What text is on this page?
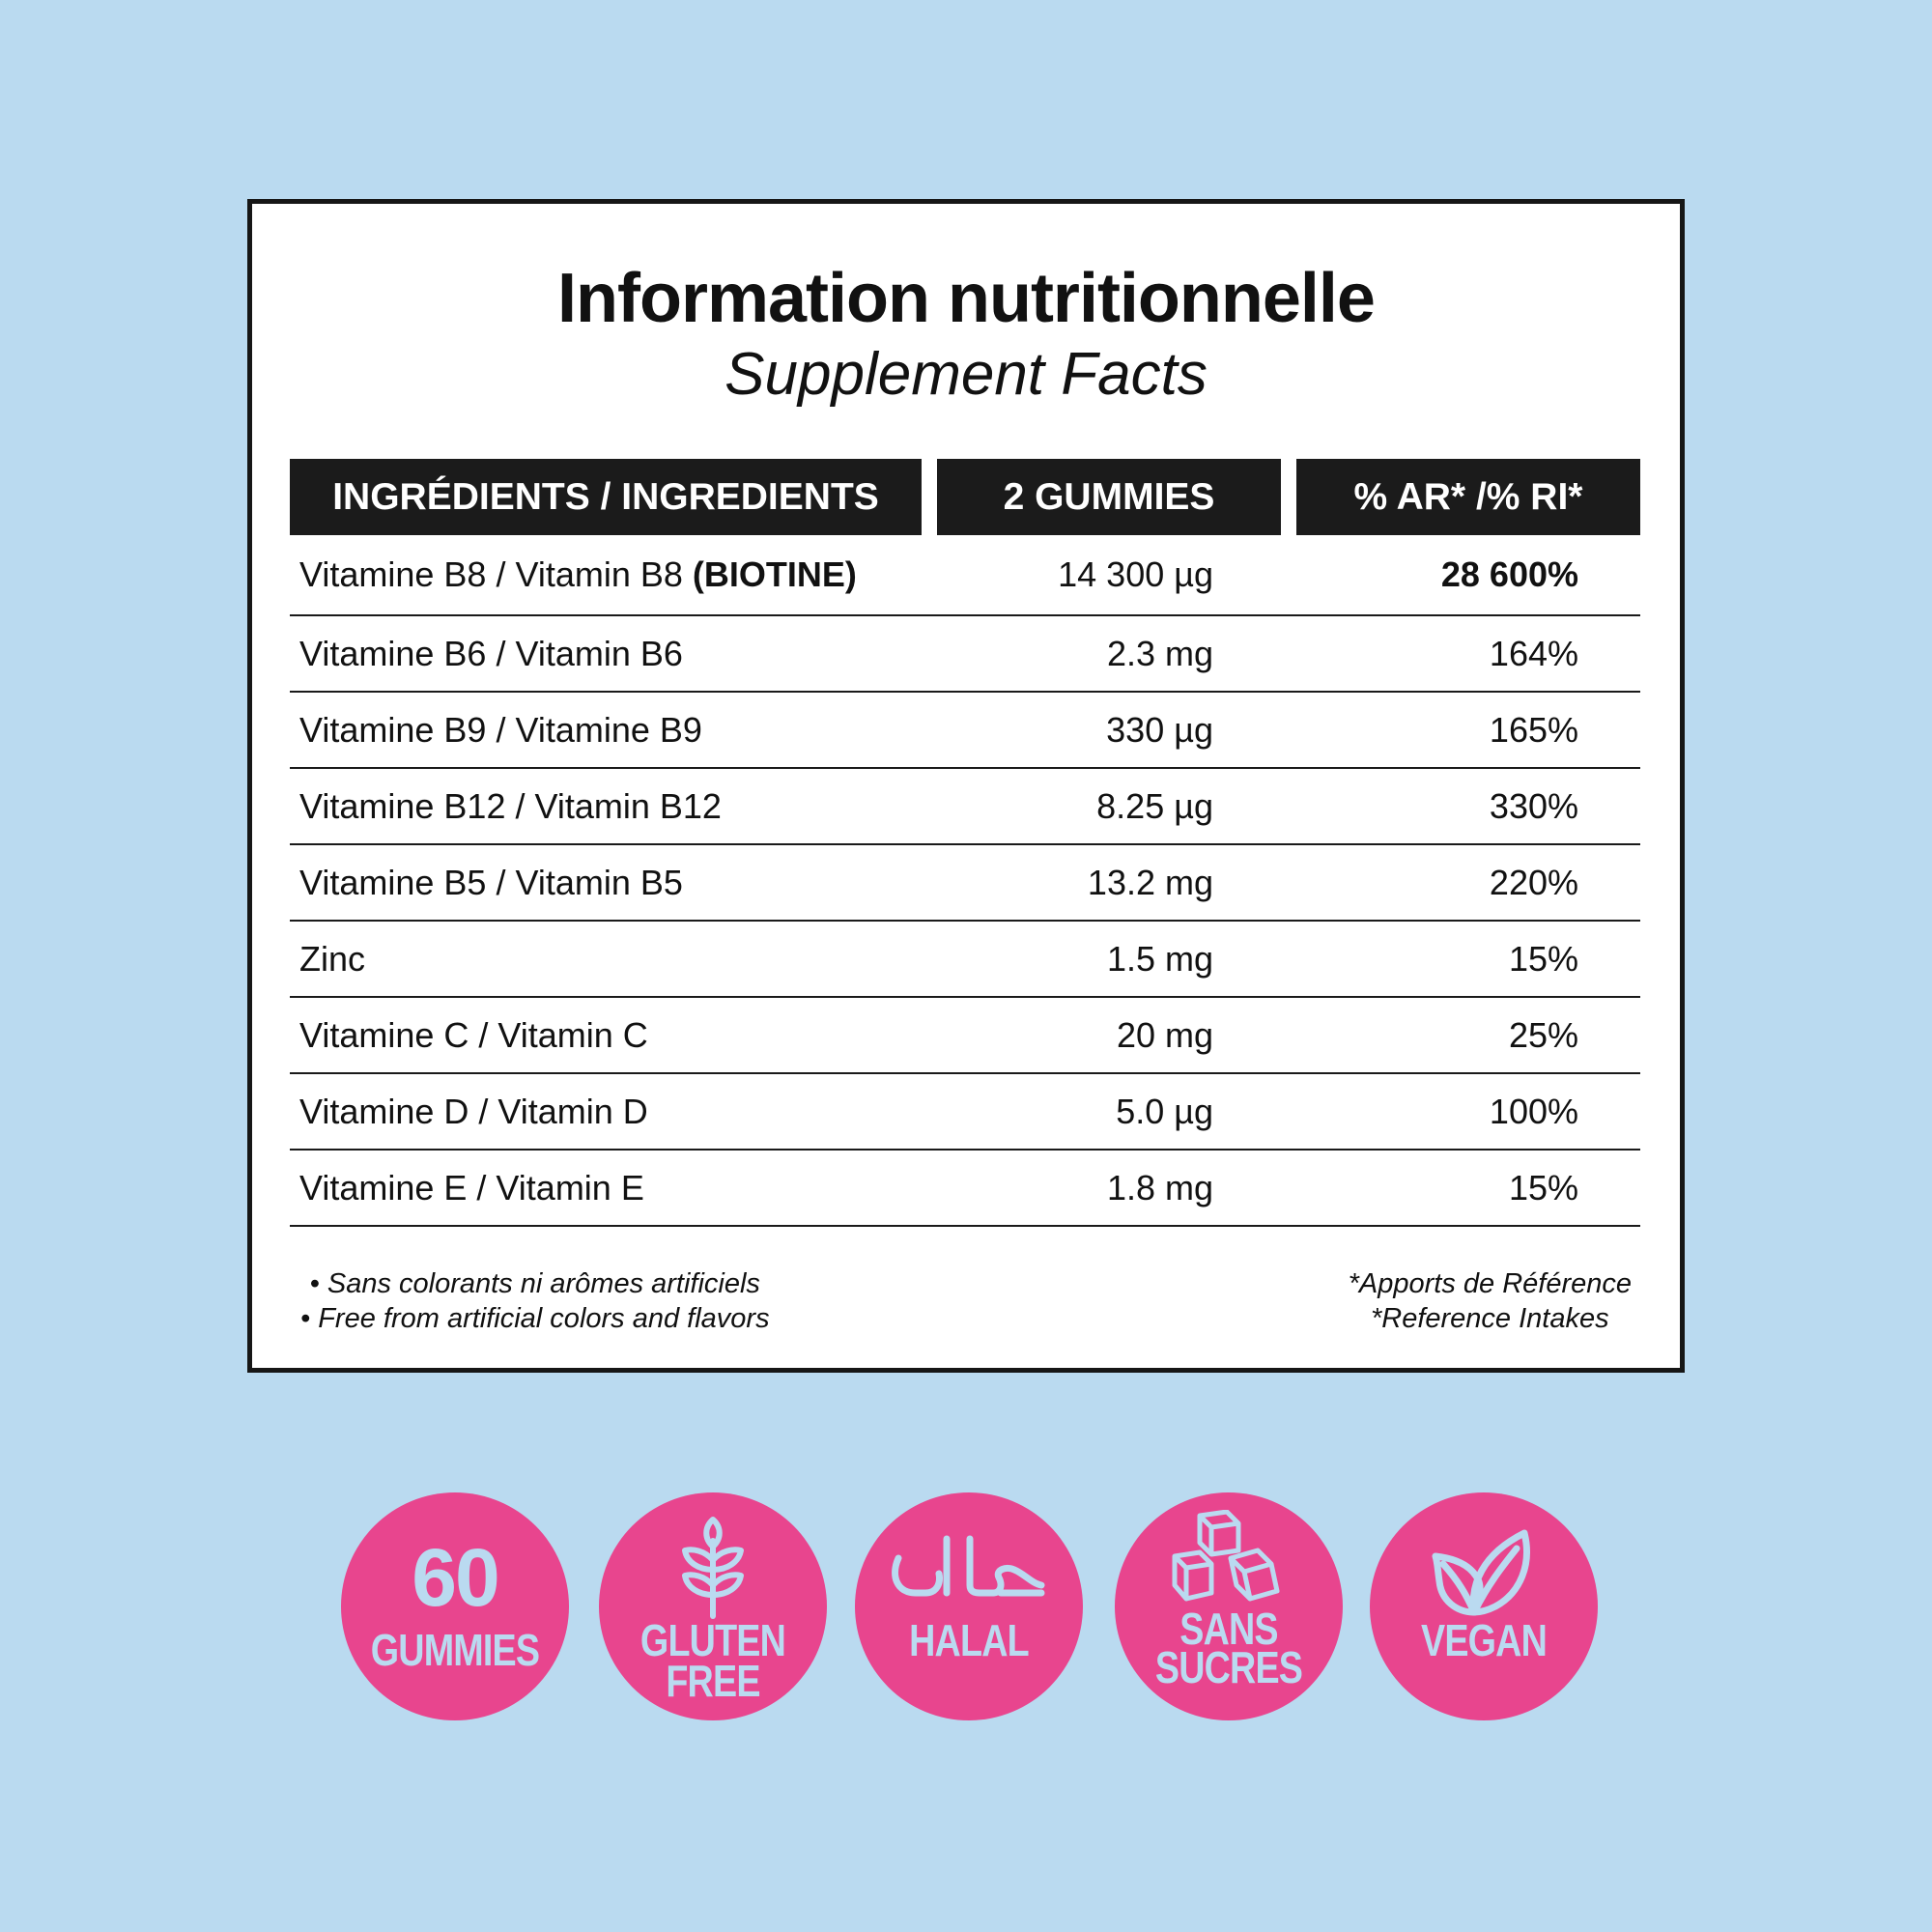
Information nutritionnelle
Supplement Facts
INGRÉDIENTS / INGREDIENTS	2 GUMMIES	% AR* /% RI*
Vitamine B8 / Vitamin B8 (BIOTINE)	14 300 µg	28 600%
Vitamine B6 / Vitamin B6	2.3 mg	164%
Vitamine B9 / Vitamine B9	330 µg	165%
Vitamine B12 / Vitamin B12	8.25 µg	330%
Vitamine B5 / Vitamin B5	13.2 mg	220%
Zinc	1.5 mg	15%
Vitamine C / Vitamin C	20 mg	25%
Vitamine D / Vitamin D	5.0 µg	100%
Vitamine E / Vitamin E	1.8 mg	15%
• Sans colorants ni arômes artificiels
• Free from artificial colors and flavors
*Apports de Référence
*Reference Intakes
60
GUMMIES	GLUTEN
FREE
HALAL	SANS
SUCRES
VEGAN
